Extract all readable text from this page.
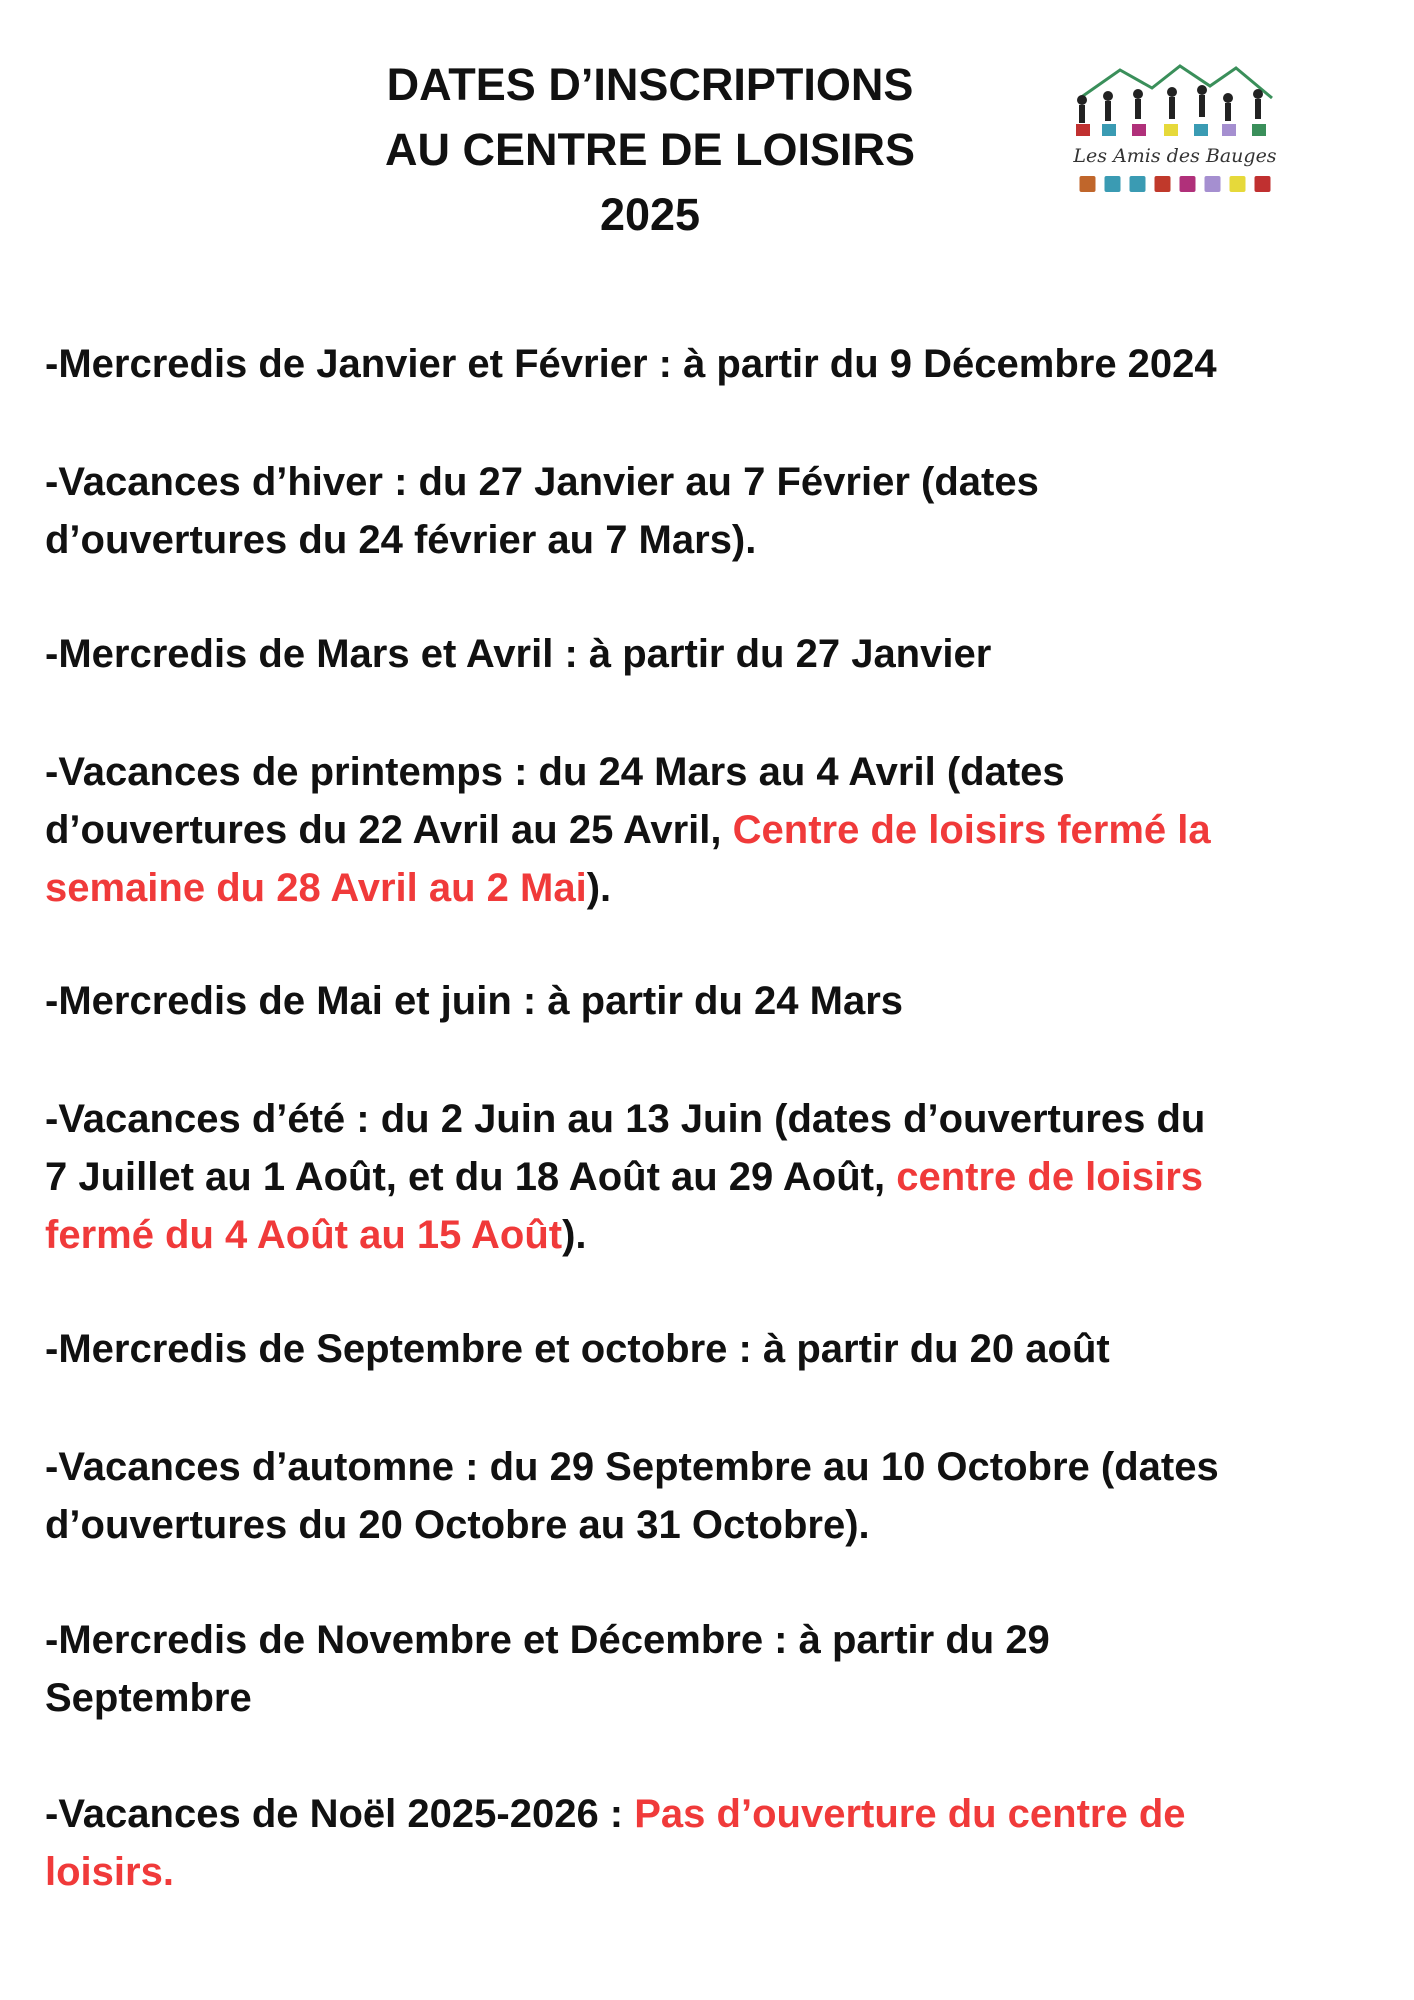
DATES D’INSCRIPTIONS
AU CENTRE DE LOISIRS
2025
Les Amis des Bauges

-Mercredis de Janvier et Février : à partir du 9 Décembre 2024

-Vacances d’hiver : du 27 Janvier au 7 Février (dates
d’ouvertures du 24 février au 7 Mars).

-Mercredis de Mars et Avril : à partir du 27 Janvier

-Vacances de printemps : du 24 Mars au 4 Avril (dates
d’ouvertures du 22 Avril au 25 Avril, Centre de loisirs fermé la
semaine du 28 Avril au 2 Mai).

-Mercredis de Mai et juin : à partir du 24 Mars

-Vacances d’été : du 2 Juin au 13 Juin (dates d’ouvertures du
7 Juillet au 1 Août, et du 18 Août au 29 Août, centre de loisirs
fermé du 4 Août au 15 Août).

-Mercredis de Septembre et octobre : à partir du 20 août

-Vacances d’automne : du 29 Septembre au 10 Octobre (dates
d’ouvertures du 20 Octobre au 31 Octobre).

-Mercredis de Novembre et Décembre : à partir du 29
Septembre

-Vacances de Noël 2025-2026 : Pas d’ouverture du centre de
loisirs.
